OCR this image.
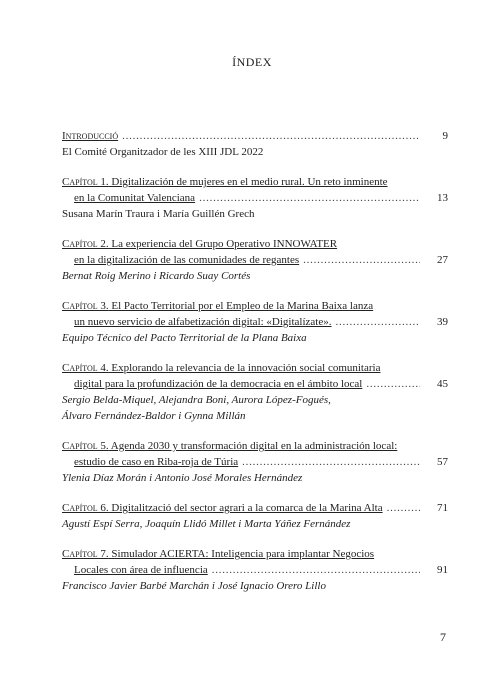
ÍNDEX
Introducció . . .	9
El Comité Organitzador de les XIII JDL 2022
Capítol 1. Digitalización de mujeres en el medio rural. Un reto inminente
en la Comunitat Valenciana . . .	13
Susana Marín Traura i María Guillén Grech
Capítol 2. La experiencia del Grupo Operativo INNOWATER
en la digitalización de las comunidades de regantes . . .	27
Bernat Roig Merino i Ricardo Suay Cortés
Capítol 3. El Pacto Territorial por el Empleo de la Marina Baixa lanza
un nuevo servicio de alfabetización digital: «Digitalízate». . . .	39
Equipo Técnico del Pacto Territorial de la Plana Baixa
Capítol 4. Explorando la relevancia de la innovación social comunitaria
digital para la profundización de la democracia en el ámbito local . . .	45
Sergio Belda-Miquel, Alejandra Boni, Aurora López-Fogués,
Álvaro Fernández-Baldor i Gynna Millán
Capítol 5. Agenda 2030 y transformación digital en la administración local:
estudio de caso en Riba-roja de Túria . . .	57
Ylenia Díaz Morán i Antonio José Morales Hernández
Capítol 6. Digitalització del sector agrari a la comarca de la Marina Alta . . .	71
Agustí Espí Serra, Joaquín Llidó Millet i Marta Yáñez Fernández
Capítol 7. Simulador ACIERTA: Inteligencia para implantar Negocios
Locales con área de influencia . . .	91
Francisco Javier Barbé Marchán i José Ignacio Orero Lillo
7
